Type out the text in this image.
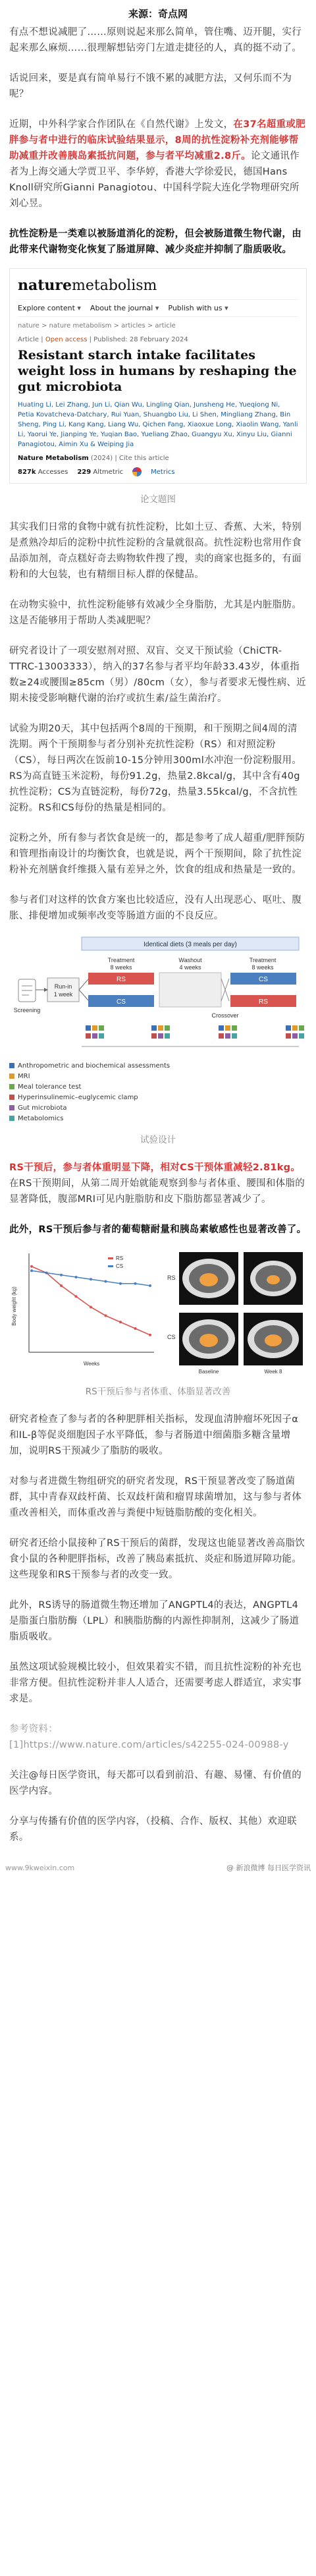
来源：奇点网

有点不想说减肥了……原则说起来那么简单，管住嘴、迈开腿，实行起来那么麻烦……很理解想钻旁门左道走捷径的人，真的挺不动了。

话说回来，要是真有简单易行不饿不累的减肥方法，又何乐而不为呢？

近期，中外科学家合作团队在《自然代谢》上发文，在37名超重或肥胖参与者中进行的临床试验结果显示，8周的抗性淀粉补充剂能够帮助减重并改善胰岛素抵抗问题，参与者平均减重2.8斤。论文通讯作者为上海交通大学贾卫平、李华婷，香港大学徐爱民，德国Hans Knoll研究所Gianni Panagiotou、中国科学院大连化学物理研究所刘心昱。

抗性淀粉是一类难以被肠道消化的淀粉，但会被肠道微生物代谢，由此带来代谢物变化恢复了肠道屏障、减少炎症并抑制了脂质吸收。

naturemetabolism
Explore content ▾	About the journal ▾	Publish with us ▾
nature > nature metabolism > articles > article
Article | Open access | Published: 28 February 2024
Resistant starch intake facilitates weight loss in humans by reshaping the gut microbiota
Huating Li, Lei Zhang, Jun Li, Qian Wu, Lingling Qian, Junsheng He, Yueqiong Ni, Petia Kovatcheva-Datchary, Rui Yuan, Shuangbo Liu, Li Shen, Mingliang Zhang, Bin Sheng, Ping Li, Kang Kang, Liang Wu, Qichen Fang, Xiaoxue Long, Xiaolin Wang, Yanli Li, Yaorui Ye, Jianping Ye, Yuqian Bao, Yueliang Zhao, Guangyu Xu, Xinyu Liu, Gianni Panagiotou, Aimin Xu & Weiping Jia
Nature Metabolism (2024) | Cite this article
827k Accesses 229 Altmetric	Metrics
论文题图

其实我们日常的食物中就有抗性淀粉，比如土豆、香蕉、大米，特别是煮熟冷却后的淀粉中抗性淀粉的含量就很高。抗性淀粉也常用作食品添加剂，奇点糕好奇去购物软件搜了搜，卖的商家也挺多的，有面粉和的大包装，也有精细目标人群的保健品。

在动物实验中，抗性淀粉能够有效减少全身脂肪，尤其是内脏脂肪。这是否能够用于帮助人类减肥呢？

研究者设计了一项安慰剂对照、双盲、交叉干预试验（ChiCTR-TTRC-13003333），纳入的37名参与者平均年龄33.43岁，体重指数≥24或腰围≥85cm（男）/80cm（女），参与者要求无慢性病、近期未接受影响糖代谢的治疗或抗生素/益生菌治疗。

试验为期20天，其中包括两个8周的干预期，和干预期之间4周的清洗期。两个干预期参与者分别补充抗性淀粉（RS）和对照淀粉（CS），每日两次在饭前10-15分钟用300ml水冲泡一份淀粉服用。RS为高直链玉米淀粉，每份91.2g，热量2.8kcal/g，其中含有40g抗性淀粉；CS为直链淀粉，每份72g，热量3.55kcal/g，不含抗性淀粉。RS和CS每份的热量是相同的。

淀粉之外，所有参与者饮食是统一的，都是参考了成人超重/肥胖预防和管理指南设计的均衡饮食，也就是说，两个干预期间，除了抗性淀粉补充剂膳食纤维摄入量有差异之外，饮食的组成和热量是一致的。

参与者们对这样的饮食方案也比较适应，没有人出现恶心、呕吐、腹胀、排便增加或频率改变等肠道方面的不良反应。

Identical diets (3 meals per day)
Screening
Run-in
1 week
Treatment
8 weeks
Washout
4 weeks
Treatment
8 weeks
RS
CS
Crossover
CS
RS
Anthropometric and biochemical assessments
MRI
Meal tolerance test
Hyperinsulinemic–euglycemic clamp
Gut microbiota
Metabolomics
试验设计

RS干预后，参与者体重明显下降，相对CS干预体重减轻2.81kg。在RS干预期间，从第二周开始就能观察到参与者体重、腰围和体脂的显著降低，腹部MRI可见内脏脂肪和皮下脂肪都显著减少了。

此外，RS干预后参与者的葡萄糖耐量和胰岛素敏感性也显著改善了。

Body weight (kg)
Weeks
RS
CS
RS
CS
Baseline	Week 8
RS干预后参与者体重、体脂显著改善

研究者检查了参与者的各种肥胖相关指标，发现血清肿瘤坏死因子α和IL-β等促炎细胞因子水平降低，参与者肠道中细菌脂多糖含量增加，说明RS干预减少了脂肪的吸收。

对参与者进微生物组研究的研究者发现，RS干预显著改变了肠道菌群，其中青春双歧杆菌、长双歧杆菌和瘤胃球菌增加，这与参与者体重改善相关，而体重改善与粪便中短链脂肪酸的变化相关。

研究者还给小鼠接种了RS干预后的菌群，发现这也能显著改善高脂饮食小鼠的各种肥胖指标，改善了胰岛素抵抗、炎症和肠道屏障功能。这些现象和RS干预参与者的改变一致。

此外，RS诱导的肠道微生物还增加了ANGPTL4的表达，ANGPTL4是脂蛋白脂肪酶（LPL）和胰脂肪酶的内源性抑制剂，这减少了肠道脂质吸收。

虽然这项试验规模比较小，但效果着实不错，而且抗性淀粉的补充也非常方便。但抗性淀粉并非人人适合，还需要考虑人群适宜，求实事求是。

参考资料：

[1]https://www.nature.com/articles/s42255-024-00988-y

关注@每日医学资讯，每天都可以看到前沿、有趣、易懂、有价值的医学内容。

分享与传播有价值的医学内容，（投稿、合作、版权、其他）欢迎联系。

www.9kweixin.com	@ 新浪微博 每日医学资讯
